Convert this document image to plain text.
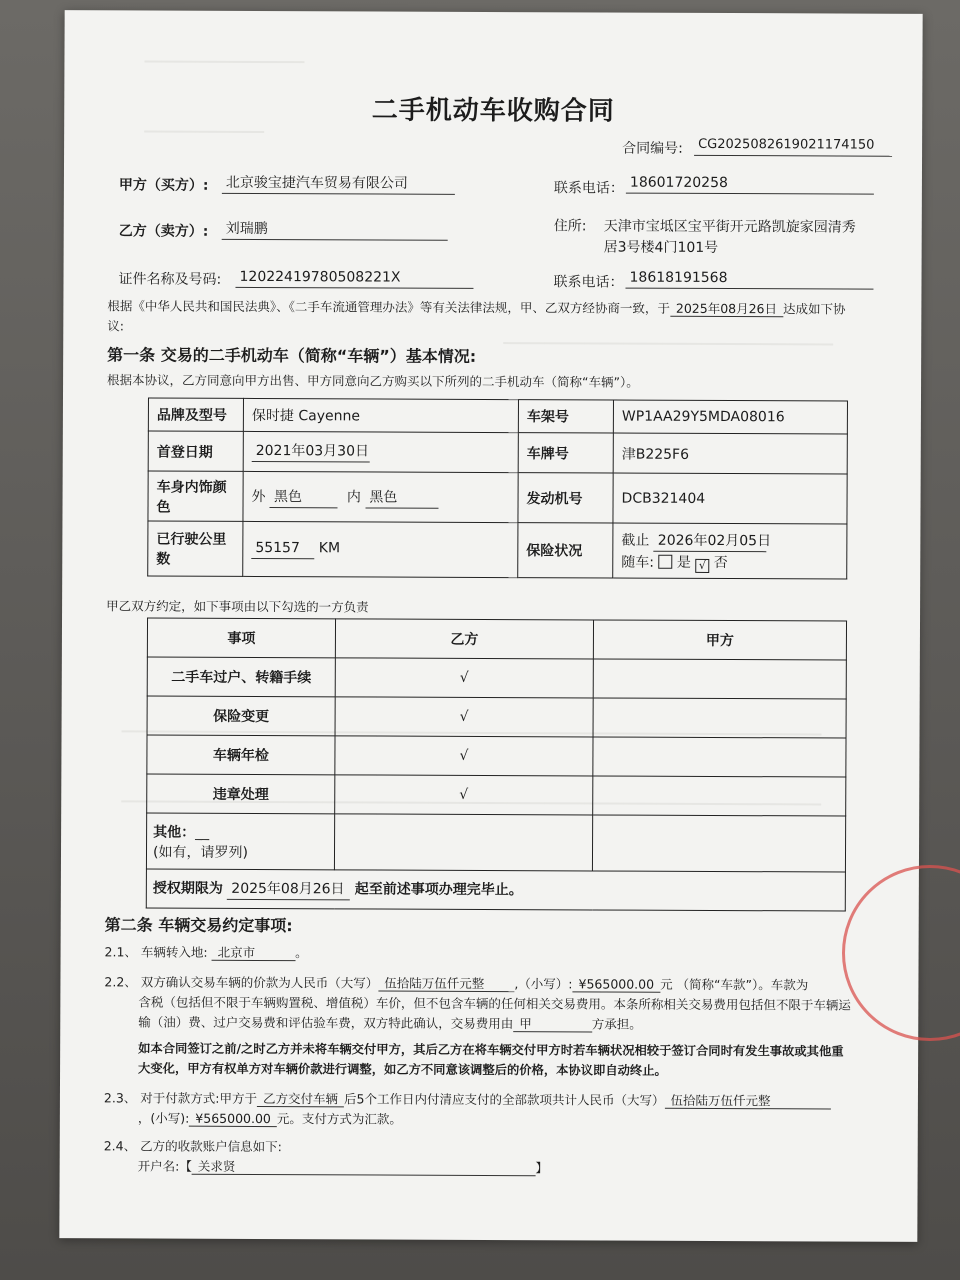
二手机动车收购合同
合同编号:	CG2025082619021174150
甲方（买方）: 北京骏宝捷汽车贸易有限公司	联系电话： 18601720258
乙方（卖方）: 刘瑞鹏	住所: 天津市宝坻区宝平街开元路凯旋家园清秀
居3号楼4门101号
证件名称及号码: 12022419780508221X	联系电话： 18618191568
根据《中华人民共和国民法典》、《二手车流通管理办法》等有关法律法规，甲、乙双方经协商一致，于 2025年08月26日 达成如下协
议:
第一条 交易的二手机动车（简称“车辆”）基本情况:
根据本协议，乙方同意向甲方出售、甲方同意向乙方购买以下所列的二手机动车（简称“车辆”）。
品牌及型号	保时捷 Cayenne	车架号	WP1AA29Y5MDA08016
首登日期	2021年03月30日	车牌号	津B225F6
车身内饰颜
色	外 黑色 内 黑色	发动机号	DCB321404
已行驶公里
数	55157 KM	保险状况	截止 2026年02月05日
随车: 是 √ 否
甲乙双方约定，如下事项由以下勾选的一方负责
事项	乙方	甲方
二手车过户、转籍手续	√	
保险变更	√	
车辆年检	√	
违章处理	√	
其他：__
(如有，请罗列)		
授权期限为 2025年08月26日 起至前述事项办理完毕止。		
第二条 车辆交易约定事项:
2.1、 车辆转入地: 北京市	。
2.2、 双方确认交易车辆的价款为人民币（大写） 伍拾陆万伍仟元整 ,（小写）: ¥565000.00 元 （简称“车款”）。车款为
含税（包括但不限于车辆购置税、增值税）车价，但不包含车辆的任何相关交易费用。本条所称相关交易费用包括但不限于车辆运
输（油）费、过户交易费和评估验车费，双方特此确认，交易费用由 甲	方承担。
如本合同签订之前/之时乙方并未将车辆交付甲方，其后乙方在将车辆交付甲方时若车辆状况相较于签订合同时有发生事故或其他重
大变化，甲方有权单方对车辆价款进行调整，如乙方不同意该调整后的价格，本协议即自动终止。
2.3、 对于付款方式:甲方于 乙方交付车辆 后5个工作日内付清应支付的全部款项共计人民币（大写） 伍拾陆万伍仟元整
，(小写): ¥565000.00 元。支付方式为汇款。
2.4、 乙方的收款账户信息如下:
开户名:【 关求贤	】
